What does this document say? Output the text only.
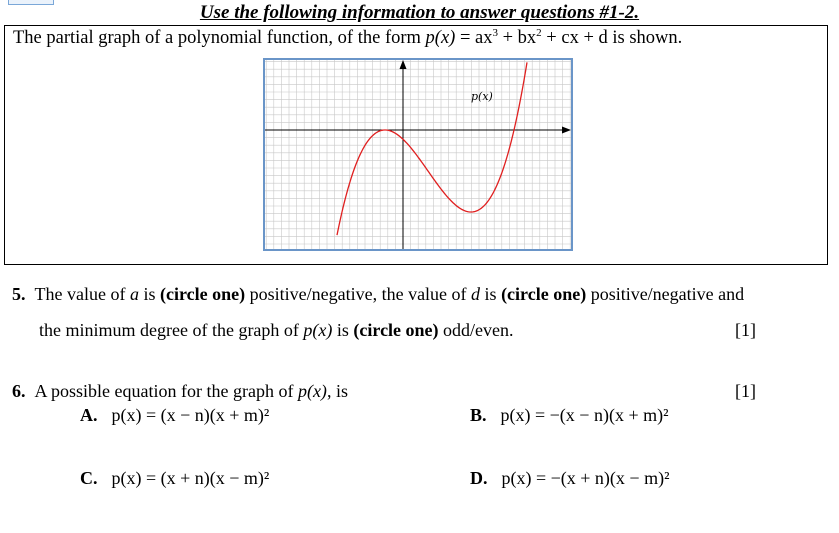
Use the following information to answer questions #1-2.
The partial graph of a polynomial function, of the form $p(x) = ax^3 + bx^2$ + cx + d is shown.
p(x)
5. The value of a is (circle one) positive/negative, the value of d is (circle one) positive/negative and
the minimum degree of the graph of p(x) is (circle one) odd/even.	[1]
6. A possible equation for the graph of p(x), is	[1]
A. p(x) = (x − n)(x + m)²	B. p(x) = −(x − n)(x + m)²
C. p(x) = (x + n)(x − m)²	D. p(x) = −(x + n)(x − m)²
